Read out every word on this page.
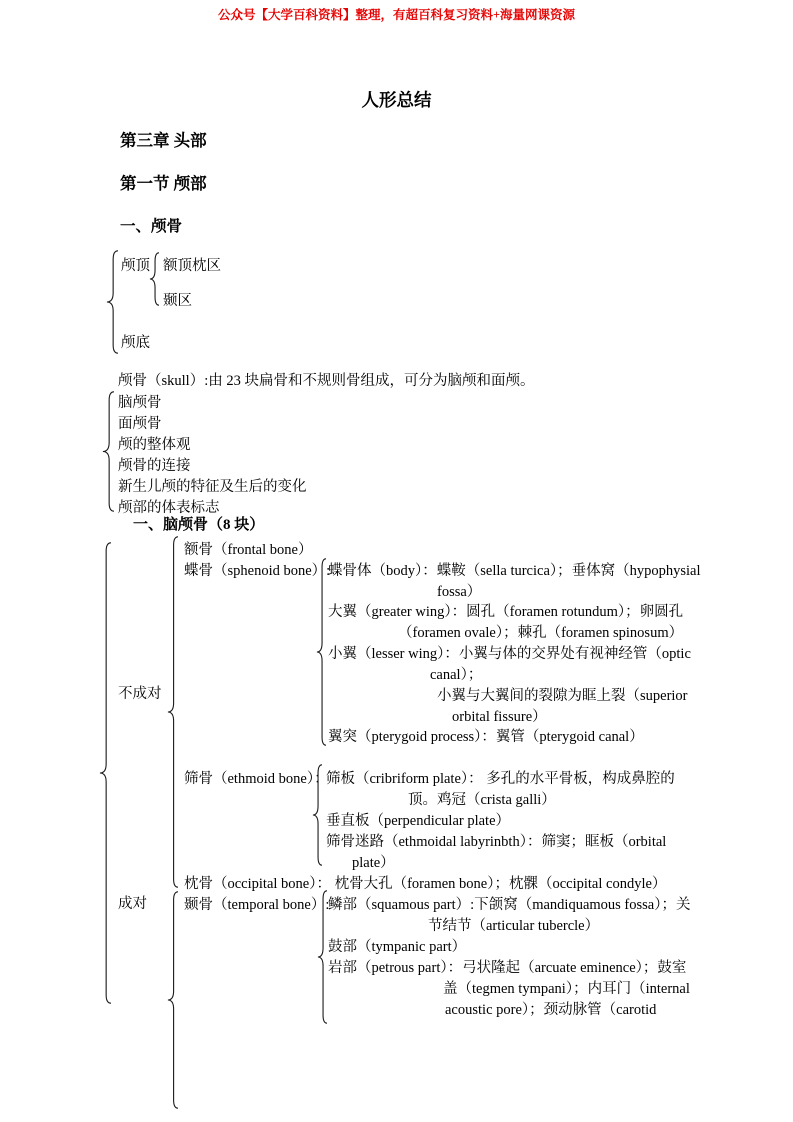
公众号【大学百科资料】整理，有超百科复习资料+海量网课资源
人形总结
第三章 头部
第一节 颅部
一、颅骨
颅顶 额顶枕区
颞区
颅底
颅骨（skull）:由 23 块扁骨和不规则骨组成，可分为脑颅和面颅。
脑颅骨
面颅骨
颅的整体观
颅骨的连接
新生儿颅的特征及生后的变化
颅部的体表标志
一、脑颅骨（8 块）
不成对
成对
额骨（frontal bone）
蝶骨（sphenoid bone）:
蝶骨体（body）：蝶鞍（sella turcica）；垂体窝（hypophysial
fossa）
大翼（greater wing）：圆孔（foramen rotundum）；卵圆孔
（foramen ovale）；棘孔（foramen spinosum）
小翼（lesser wing）：小翼与体的交界处有视神经管（optic
canal）；
小翼与大翼间的裂隙为眶上裂（superior
orbital fissure）
翼突（pterygoid process）：翼管（pterygoid canal）
筛骨（ethmoid bone）：
筛板（cribriform plate）： 多孔的水平骨板，构成鼻腔的
顶。鸡冠（crista galli）
垂直板（perpendicular plate）
筛骨迷路（ethmoidal labyrinbth）：筛窦；眶板（orbital
plate）
枕骨（occipital bone）： 枕骨大孔（foramen bone）；枕髁（occipital condyle）
颞骨（temporal bone）:
鳞部（squamous part）:下颌窝（mandiquamous fossa）；关
节结节（articular tubercle）
鼓部（tympanic part）
岩部（petrous part）：弓状隆起（arcuate eminence）；鼓室
盖（tegmen tympani）；内耳门（internal
acoustic pore）；颈动脉管（carotid
